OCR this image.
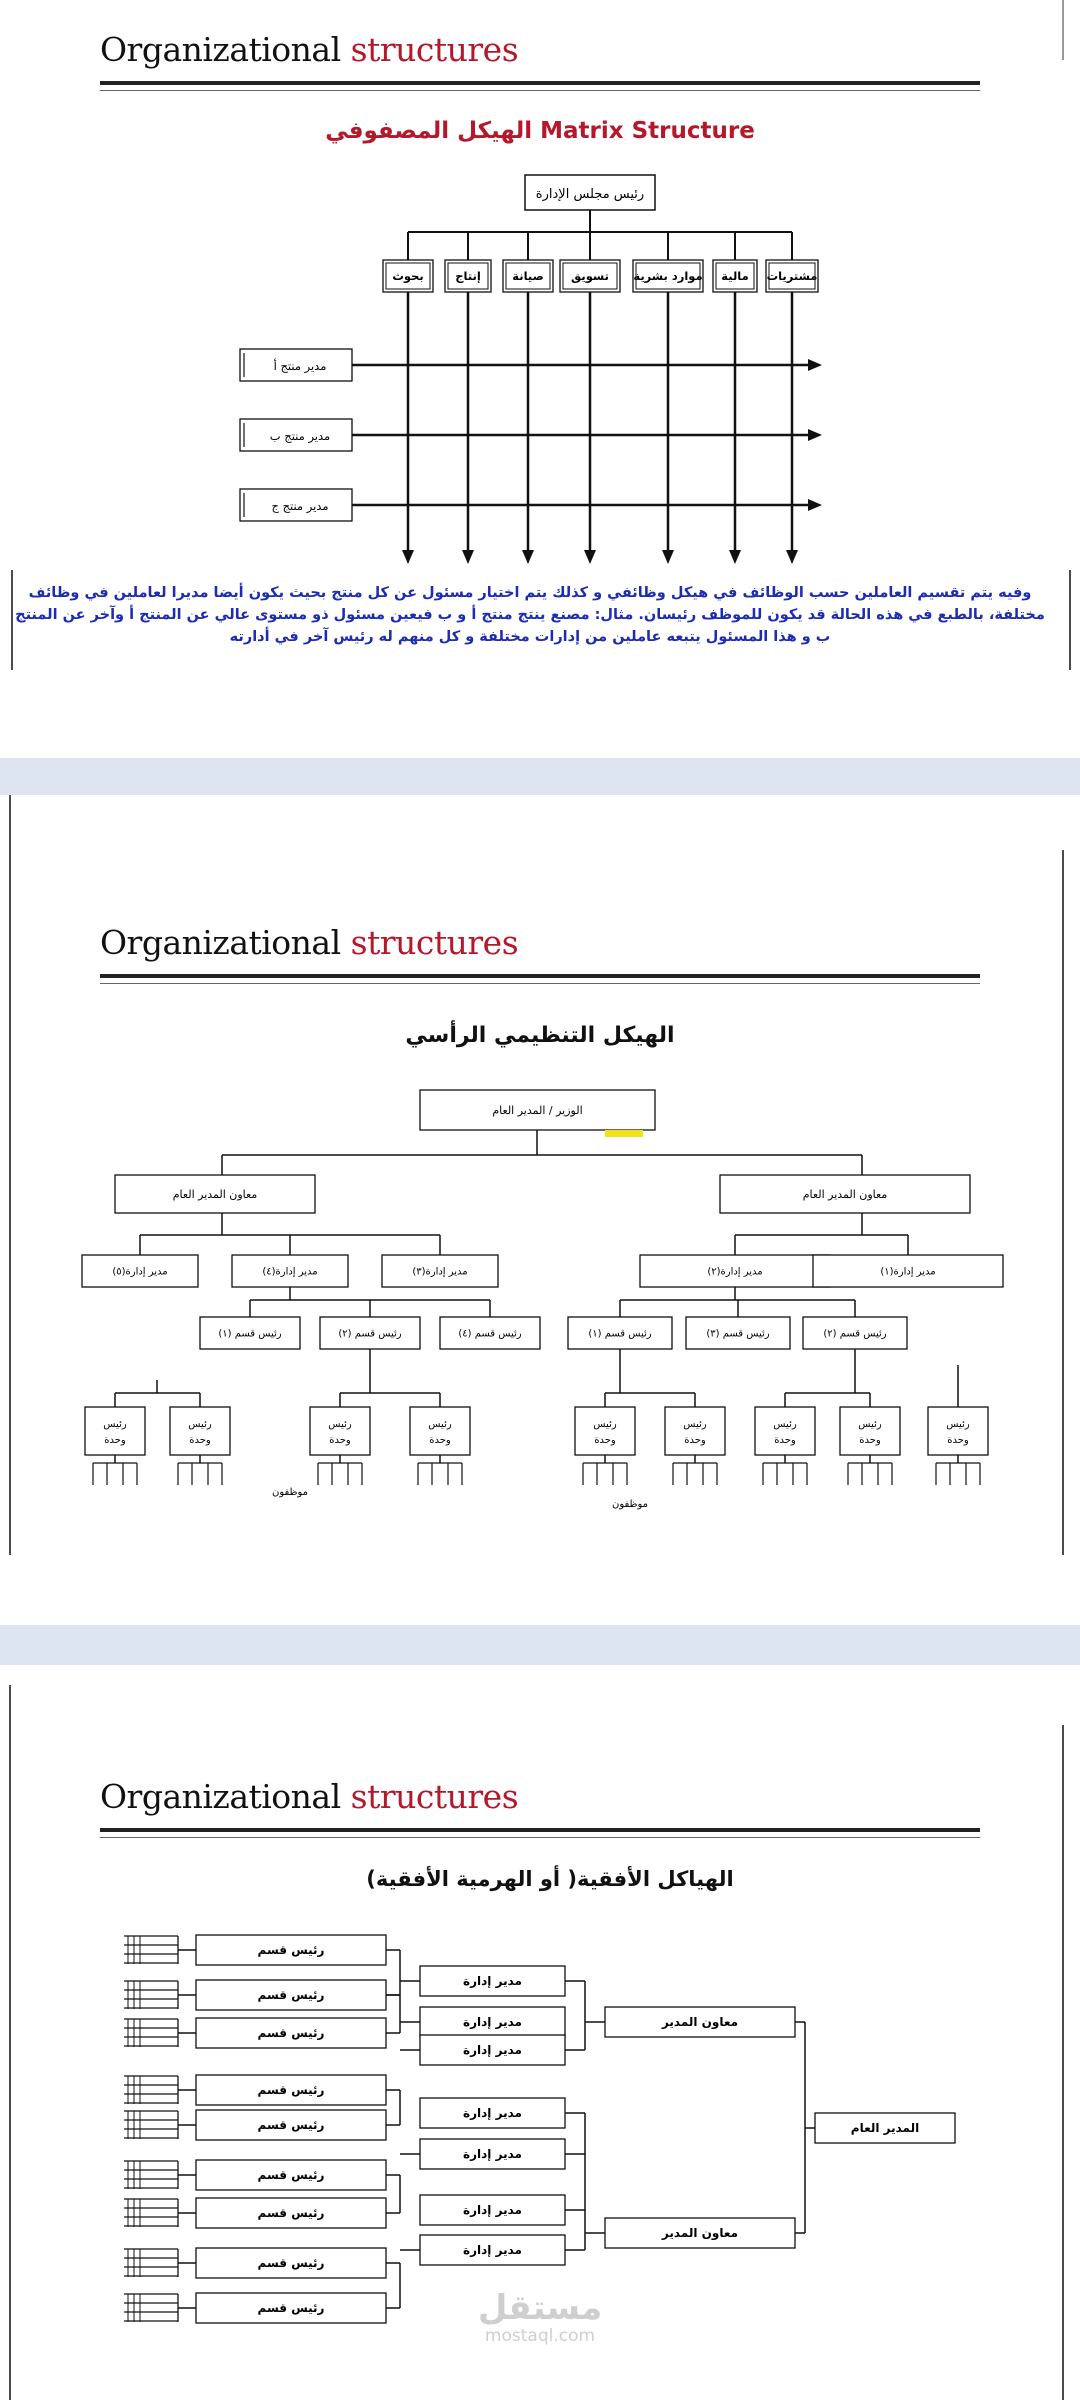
Organizational structures
الهيكل المصفوفي Matrix Structure
رئيس مجلس الإدارة
مشتريات
مالية
موارد بشرية
تسويق
صيانة
إنتاج
بحوث
مدير منتج أ
مدير منتج ب
مدير منتج ج
وفيه يتم تقسيم العاملين حسب الوظائف في هيكل وظائفي و كذلك يتم اختيار مسئول عن كل منتج بحيث يكون أيضا مديرا لعاملين في وظائف مختلفة، بالطبع في هذه الحالة قد يكون للموظف رئيسان. مثال: مصنع ينتج منتج أ و ب فيعين مسئول ذو مستوى عالي عن المنتج أ وآخر عن المنتج ب و هذا المسئول يتبعه عاملين من إدارات مختلفة و كل منهم له رئيس آخر في أدارته
Organizational structures
الهيكل التنظيمي الرأسي
الوزير / المدير العام
معاون المدير العام	معاون المدير العام
مدير إدارة(٥)	مدير إدارة(٤)	مدير إدارة(٣)	مدير إدارة(٢)	مدير إدارة(١)
رئيس قسم (١)	رئيس قسم (٢)	رئيس قسم (٤)	رئيس قسم (١)	رئيس قسم (٣)	رئيس قسم (٢)
رئيس
وحدة
رئيس
وحدة
رئيس
وحدة
رئيس
وحدة
رئيس
وحدة
رئيس
وحدة
رئيس
وحدة
رئيس
وحدة
رئيس
وحدة
موظفون
موظفون
Organizational structures
الهياكل الأفقية( أو الهرمية الأفقية)
رئيس قسم
رئيس قسم
رئيس قسم
رئيس قسم
رئيس قسم
رئيس قسم
رئيس قسم
رئيس قسم
رئيس قسم
مدير إدارة
مدير إدارة
مدير إدارة
مدير إدارة
مدير إدارة
مدير إدارة
مدير إدارة
معاون المدير
معاون المدير
المدير العام
مستقل
mostaql.com
